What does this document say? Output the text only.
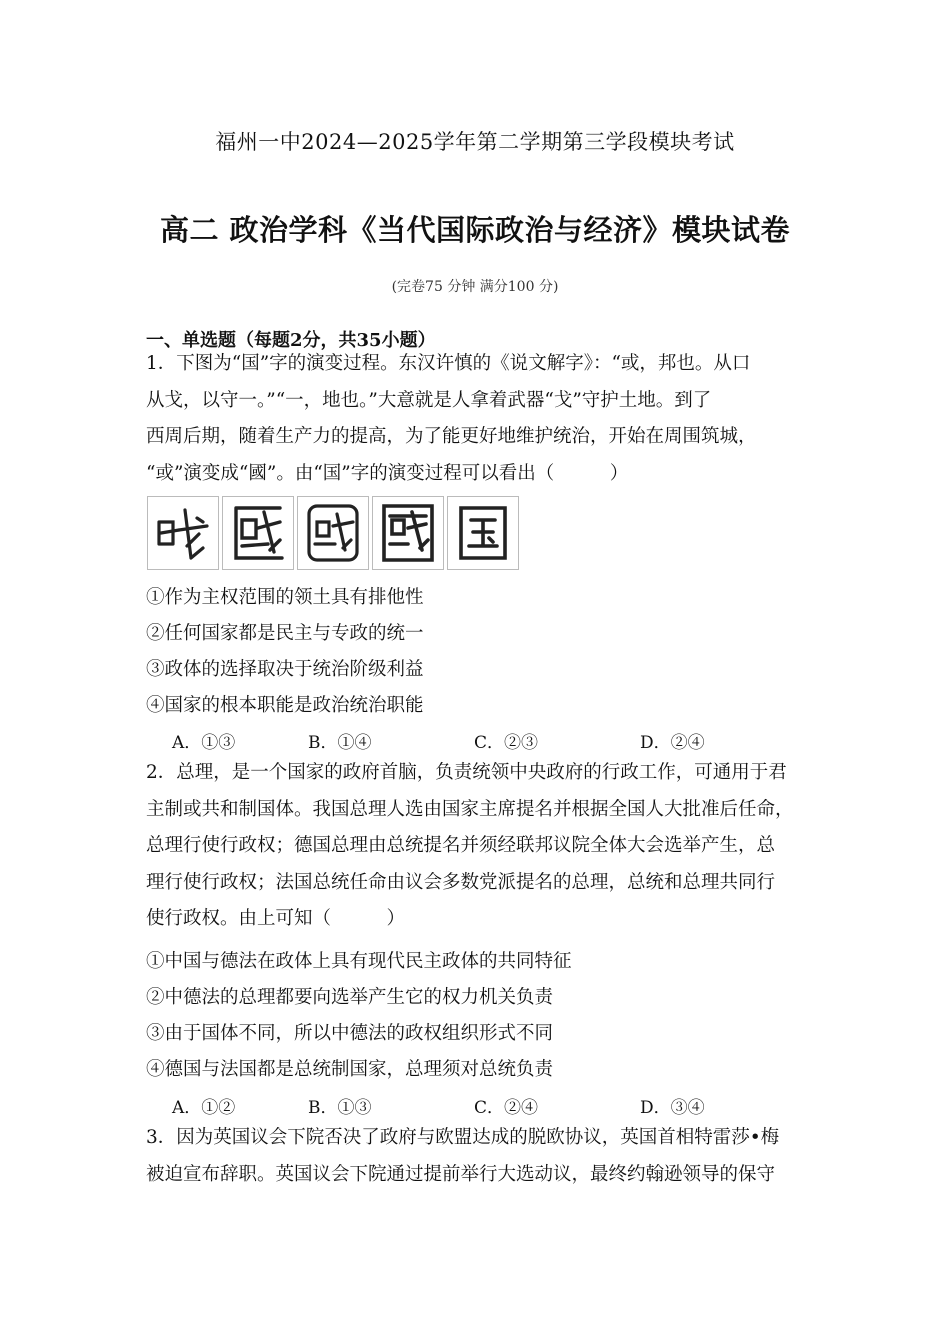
福州一中2024—2025学年第二学期第三学段模块考试
高二 政治学科《当代国际政治与经济》模块试卷
(完卷75 分钟 满分100 分)
一、单选题（每题2分，共35小题）
1．下图为“国”字的演变过程。东汉许慎的《说文解字》：“或，邦也。从口
从戈，以守一。”“一，地也。”大意就是人拿着武器“戈”守护土地。到了
西周后期，随着生产力的提高，为了能更好地维护统治，开始在周围筑城，
“或”演变成“國”。由“国”字的演变过程可以看出（　　　）
①作为主权范围的领土具有排他性
②任何国家都是民主与专政的统一
③政体的选择取决于统治阶级利益
④国家的根本职能是政治统治职能
A．①③	B．①④	C．②③	D．②④
2．总理，是一个国家的政府首脑，负责统领中央政府的行政工作，可通用于君
主制或共和制国体。我国总理人选由国家主席提名并根据全国人大批准后任命，
总理行使行政权；德国总理由总统提名并须经联邦议院全体大会选举产生，总
理行使行政权；法国总统任命由议会多数党派提名的总理，总统和总理共同行
使行政权。由上可知（　　　）
①中国与德法在政体上具有现代民主政体的共同特征
②中德法的总理都要向选举产生它的权力机关负责
③由于国体不同，所以中德法的政权组织形式不同
④德国与法国都是总统制国家，总理须对总统负责
A．①②	B．①③	C．②④	D．③④
3．因为英国议会下院否决了政府与欧盟达成的脱欧协议，英国首相特雷莎•梅
被迫宣布辞职。英国议会下院通过提前举行大选动议，最终约翰逊领导的保守
